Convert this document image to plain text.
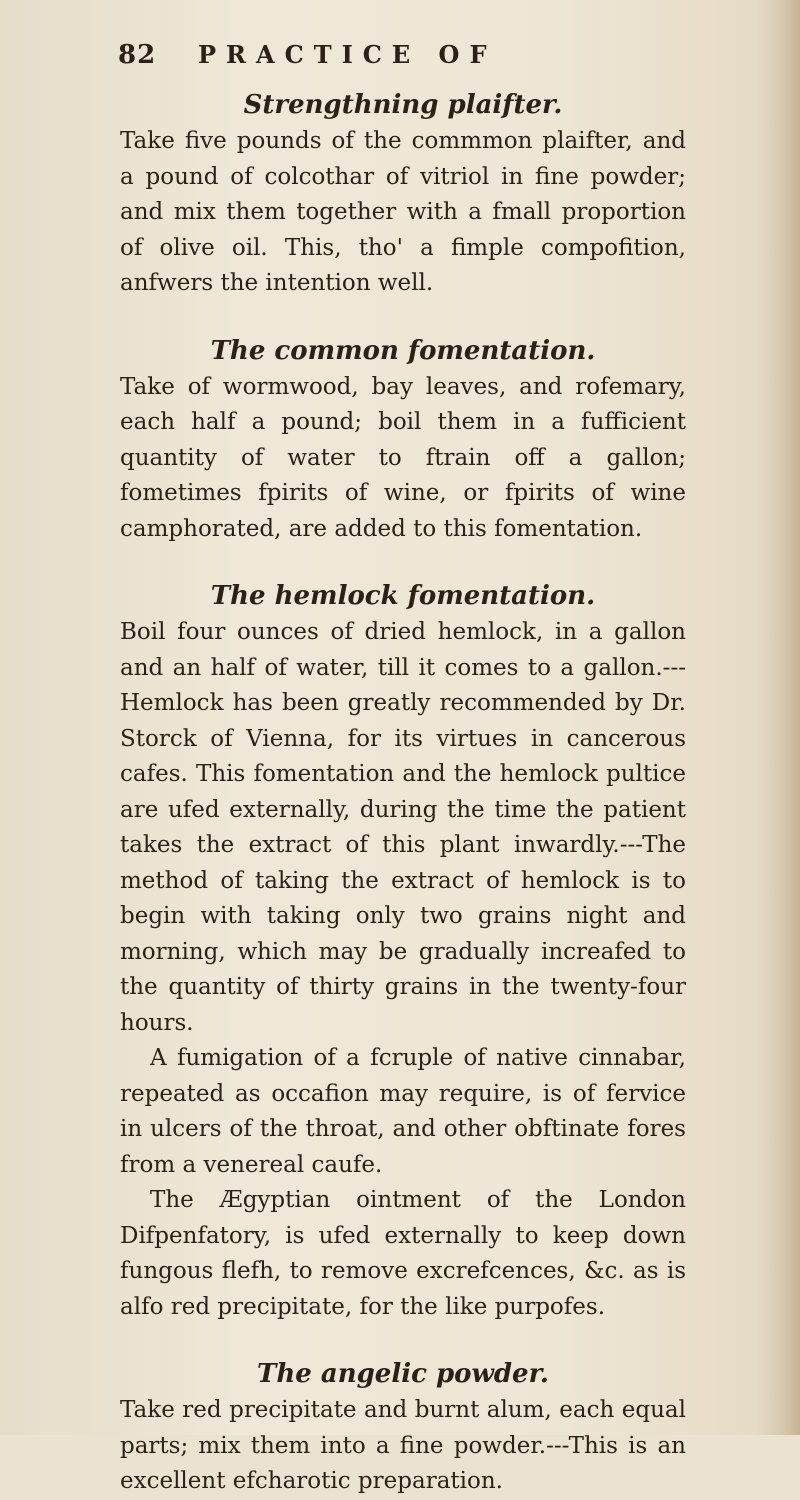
82	PRACTICE OF
Strengthning plaifter.

Take five pounds of the commmon plaifter, and a pound of colcothar of vitriol in fine powder; and mix them together with a fmall proportion of olive oil. This, tho' a fimple compofition, anfwers the intention well.

The common fomentation.

Take of wormwood, bay leaves, and rofemary, each half a pound; boil them in a fufficient quantity of water to ftrain off a gallon; fometimes fpirits of wine, or fpirits of wine camphorated, are added to this fomentation.

The hemlock fomentation.

Boil four ounces of dried hemlock, in a gallon and an half of water, till it comes to a gallon.--- Hemlock has been greatly recommended by Dr. Storck of Vienna, for its virtues in cancerous cafes. This fomentation and the hemlock pultice are ufed externally, during the time the patient takes the extract of this plant inwardly.---The method of taking the extract of hemlock is to begin with taking only two grains night and morning, which may be gradually increafed to the quantity of thirty grains in the twenty-four hours.

A fumigation of a fcruple of native cinnabar, repeated as occafion may require, is of fervice in ulcers of the throat, and other obftinate fores from a venereal caufe.

The Ægyptian ointment of the London Difpenfatory, is ufed externally to keep down fungous flefh, to remove excrefcences, &c. as is alfo red precipitate, for the like purpofes.

The angelic powder.

Take red precipitate and burnt alum, each equal parts; mix them into a fine powder.---This is an excellent efcharotic preparation.
